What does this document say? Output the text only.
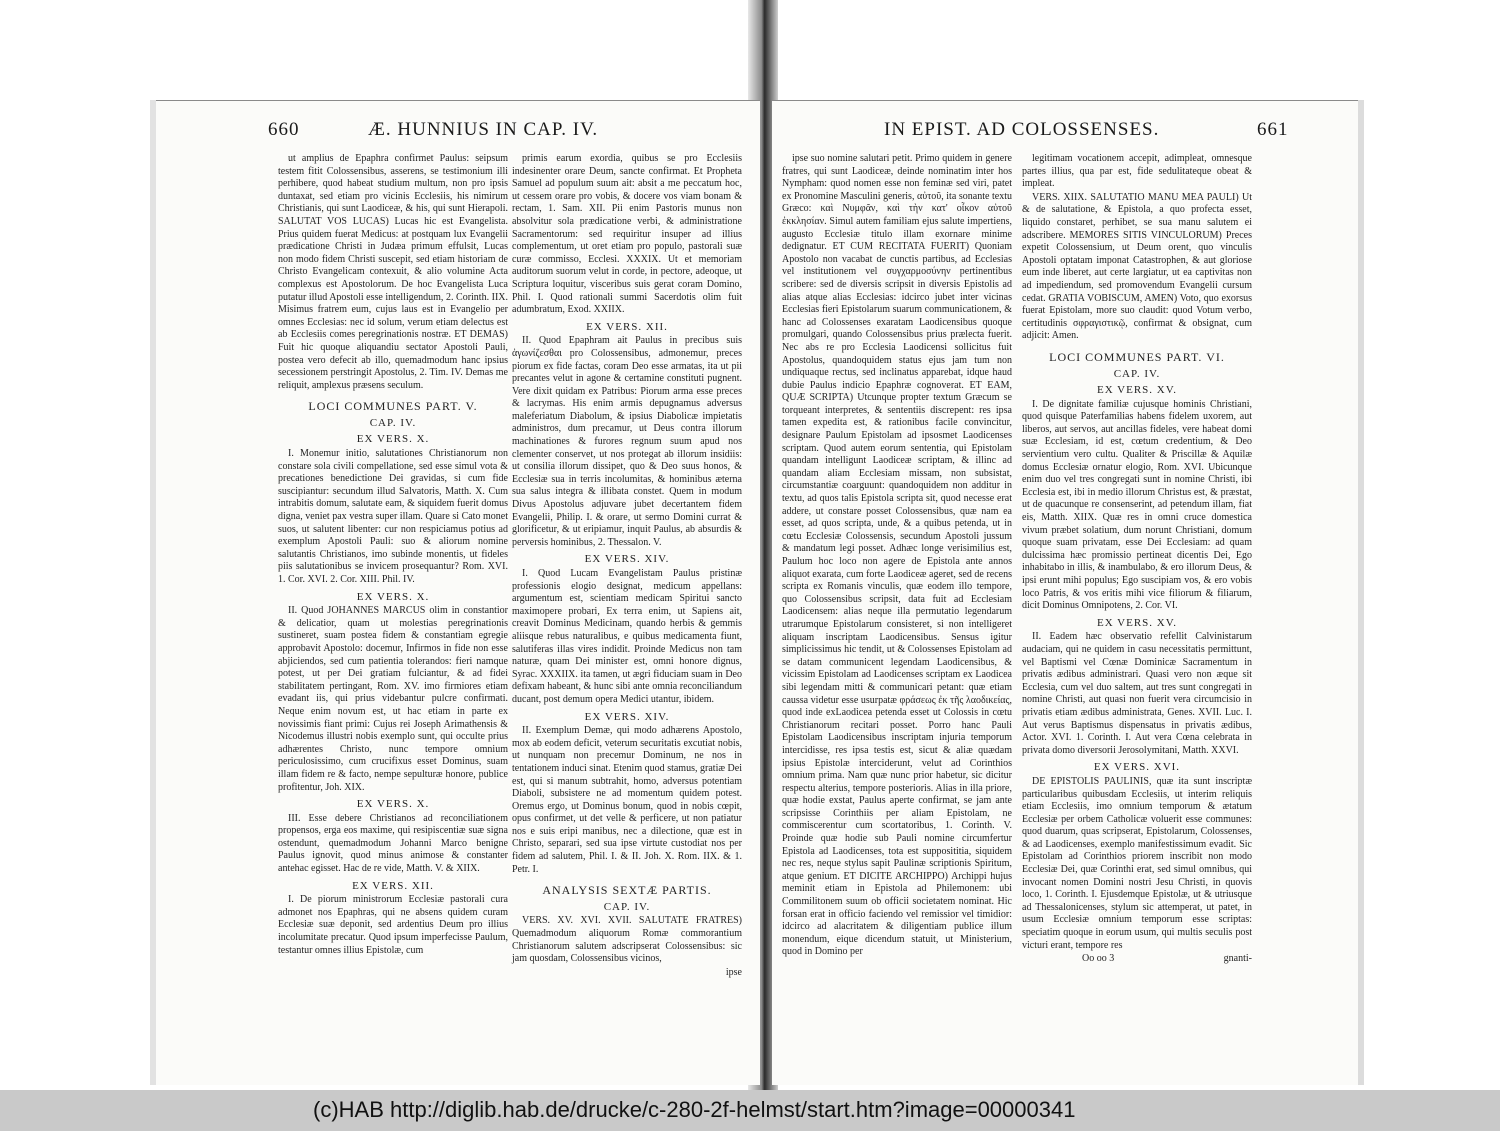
660	Æ. HUNNIUS IN CAP. IV.

ut amplius de Epaphra confirmet Paulus: seipsum testem fitit Colossensibus, asserens, se testimonium illi perhibere, quod habeat studium multum, non pro ipsis duntaxat, sed etiam pro vicinis Ecclesiis, his nimirum Christianis, qui sunt Laodiceæ, & his, qui sunt Hierapoli. SALUTAT VOS LUCAS) Lucas hic est Evangelista. Prius quidem fuerat Medicus: at postquam lux Evangelii prædicatione Christi in Judæa primum effulsit, Lucas non modo fidem Christi suscepit, sed etiam historiam de Christo Evangelicam contexuit, & alio volumine Acta complexus est Apostolorum. De hoc Evangelista Luca putatur illud Apostoli esse intelligendum, 2. Corinth. IIX. Misimus fratrem eum, cujus laus est in Evangelio per omnes Ecclesias: nec id solum, verum etiam delectus est ab Ecclesiis comes peregrinationis nostræ. ET DEMAS) Fuit hic quoque aliquandiu sectator Apostoli Pauli, postea vero defecit ab illo, quemadmodum hanc ipsius secessionem perstringit Apostolus, 2. Tim. IV. Demas me reliquit, amplexus præsens seculum.

LOCI COMMUNES PART. V.
CAP. IV.
EX VERS. X.

I. Monemur initio, salutationes Christianorum non constare sola civili compellatione, sed esse simul vota & precationes benedictione Dei gravidas, si cum fide suscipiantur: secundum illud Salvatoris, Matth. X. Cum intrabitis domum, salutate eam, & siquidem fuerit domus digna, veniet pax vestra super illam. Quare si Cato monet suos, ut salutent libenter: cur non respiciamus potius ad exemplum Apostoli Pauli: suo & aliorum nomine salutantis Christianos, imo subinde monentis, ut fideles piis salutationibus se invicem prosequantur? Rom. XVI. 1. Cor. XVI. 2. Cor. XIII. Phil. IV.

EX VERS. X.

II. Quod JOHANNES MARCUS olim in constantior & delicatior, quam ut molestias peregrinationis sustineret, suam postea fidem & constantiam egregie approbavit Apostolo: docemur, Infirmos in fide non esse abjiciendos, sed cum patientia tolerandos: fieri namque potest, ut per Dei gratiam fulciantur, & ad fidei stabilitatem pertingant, Rom. XV. imo firmiores etiam evadant iis, qui prius videbantur pulcre confirmati. Neque enim novum est, ut hac etiam in parte ex novissimis fiant primi: Cujus rei Joseph Arimathensis & Nicodemus illustri nobis exemplo sunt, qui occulte prius adhærentes Christo, nunc tempore omnium periculosissimo, cum crucifixus esset Dominus, suam illam fidem re & facto, nempe sepulturæ honore, publice profitentur, Joh. XIX.

EX VERS. X.

III. Esse debere Christianos ad reconciliationem propensos, erga eos maxime, qui resipiscentiæ suæ signa ostendunt, quemadmodum Johanni Marco benigne Paulus ignovit, quod minus animose & constanter antehac egisset. Hac de re vide, Matth. V. & XIIX.

EX VERS. XII.

I. De piorum ministrorum Ecclesiæ pastorali cura admonet nos Epaphras, qui ne absens quidem curam Ecclesiæ suæ deponit, sed ardentius Deum pro illius incolumitate precatur. Quod ipsum imperfecisse Paulum, testantur omnes illius Epistolæ, cum

primis earum exordia, quibus se pro Ecclesiis indesinenter orare Deum, sancte confirmat. Et Propheta Samuel ad populum suum ait: absit a me peccatum hoc, ut cessem orare pro vobis, & docere vos viam bonam & rectam, 1. Sam. XII. Pii enim Pastoris munus non absolvitur sola prædicatione verbi, & administratione Sacramentorum: sed requiritur insuper ad illius complementum, ut oret etiam pro populo, pastorali suæ curæ commisso, Ecclesi. XXXIX. Ut et memoriam auditorum suorum velut in corde, in pectore, adeoque, ut Scriptura loquitur, visceribus suis gerat coram Domino, Phil. I. Quod rationali summi Sacerdotis olim fuit adumbratum, Exod. XXIIX.

EX VERS. XII.

II. Quod Epaphram ait Paulus in precibus suis ἀγωνίζεσθαι pro Colossensibus, admonemur, preces piorum ex fide factas, coram Deo esse armatas, ita ut pii precantes velut in agone & certamine constituti pugnent. Vere dixit quidam ex Patribus: Piorum arma esse preces & lacrymas. His enim armis depugnamus adversus maleferiatum Diabolum, & ipsius Diabolicæ impietatis administros, dum precamur, ut Deus contra illorum machinationes & furores regnum suum apud nos clementer conservet, ut nos protegat ab illorum insidiis: ut consilia illorum dissipet, quo & Deo suus honos, & Ecclesiæ sua in terris incolumitas, & hominibus æterna sua salus integra & illibata constet. Quem in modum Divus Apostolus adjuvare jubet decertantem fidem Evangelii, Philip. I. & orare, ut sermo Domini currat & glorificetur, & ut eripiamur, inquit Paulus, ab absurdis & perversis hominibus, 2. Thessalon. V.

EX VERS. XIV.

I. Quod Lucam Evangelistam Paulus pristinæ professionis elogio designat, medicum appellans: argumentum est, scientiam medicam Spiritui sancto maximopere probari, Ex terra enim, ut Sapiens ait, creavit Dominus Medicinam, quando herbis & gemmis aliisque rebus naturalibus, e quibus medicamenta fiunt, salutiferas illas vires indidit. Proinde Medicus non tam naturæ, quam Dei minister est, omni honore dignus, Syrac. XXXIIX. ita tamen, ut ægri fiduciam suam in Deo defixam habeant, & hunc sibi ante omnia reconciliandum ducant, post demum opera Medici utantur, ibidem.

EX VERS. XIV.

II. Exemplum Demæ, qui modo adhærens Apostolo, mox ab eodem deficit, veterum securitatis excutiat nobis, ut nunquam non precemur Dominum, ne nos in tentationem induci sinat. Etenim quod stamus, gratiæ Dei est, qui si manum subtrahit, homo, adversus potentiam Diaboli, subsistere ne ad momentum quidem potest. Oremus ergo, ut Dominus bonum, quod in nobis cœpit, opus confirmet, ut det velle & perficere, ut non patiatur nos e suis eripi manibus, nec a dilectione, quæ est in Christo, separari, sed sua ipse virtute custodiat nos per fidem ad salutem, Phil. I. & II. Joh. X. Rom. IIX. & 1. Petr. I.

ANALYSIS SEXTÆ PARTIS.
CAP. IV.

VERS. XV. XVI. XVII. SALUTATE FRATRES) Quemadmodum aliquorum Romæ commorantium Christianorum salutem adscripserat Colossensibus: sic jam quosdam, Colossensibus vicinos,

ipse
IN EPIST. AD COLOSSENSES.	661

ipse suo nomine salutari petit. Primo quidem in genere fratres, qui sunt Laodiceæ, deinde nominatim inter hos Nympham: quod nomen esse non feminæ sed viri, patet ex Pronomine Masculini generis, αὐτοῦ, ita sonante textu Græco: καὶ Νυμφᾶν, καὶ τὴν κατ' οἶκον αὐτοῦ ἐκκλησίαν. Simul autem familiam ejus salute impertiens, augusto Ecclesiæ titulo illam exornare minime dedignatur. ET CUM RECITATA FUERIT) Quoniam Apostolo non vacabat de cunctis partibus, ad Ecclesias vel institutionem vel συγχαρμοσύνην pertinentibus scribere: sed de diversis scripsit in diversis Epistolis ad alias atque alias Ecclesias: idcirco jubet inter vicinas Ecclesias fieri Epistolarum suarum communicationem, & hanc ad Colossenses exaratam Laodicensibus quoque promulgari, quando Colossensibus prius prælecta fuerit. Nec abs re pro Ecclesia Laodicensi sollicitus fuit Apostolus, quandoquidem status ejus jam tum non undiquaque rectus, sed inclinatus apparebat, idque haud dubie Paulus indicio Epaphræ cognoverat. ET EAM, QUÆ SCRIPTA) Utcunque propter textum Græcum se torqueant interpretes, & sententiis discrepent: res ipsa tamen expedita est, & rationibus facile convincitur, designare Paulum Epistolam ad ipsosmet Laodicenses scriptam. Quod autem eorum sententia, qui Epistolam quandam intelligunt Laodiceæ scriptam, & illinc ad quandam aliam Ecclesiam missam, non subsistat, circumstantiæ coarguunt: quandoquidem non additur in textu, ad quos talis Epistola scripta sit, quod necesse erat addere, ut constare posset Colossensibus, quæ nam ea esset, ad quos scripta, unde, & a quibus petenda, ut in cœtu Ecclesiæ Colossensis, secundum Apostoli jussum & mandatum legi posset. Adhæc longe verisimilius est, Paulum hoc loco non agere de Epistola ante annos aliquot exarata, cum forte Laodiceæ ageret, sed de recens scripta ex Romanis vinculis, quæ eodem illo tempore, quo Colossensibus scripsit, data fuit ad Ecclesiam Laodicensem: alias neque illa permutatio legendarum utrarumque Epistolarum consisteret, si non intelligeret aliquam inscriptam Laodicensibus. Sensus igitur simplicissimus hic tendit, ut & Colossenses Epistolam ad se datam communicent legendam Laodicensibus, & vicissim Epistolam ad Laodicenses scriptam ex Laodicea sibi legendam mitti & communicari petant: quæ etiam caussa videtur esse usurpatæ φράσεως ἐκ τῆς λαοδικείας, quod inde exLaodicea petenda esset ut Colossis in cœtu Christianorum recitari posset. Porro hanc Pauli Epistolam Laodicensibus inscriptam injuria temporum intercidisse, res ipsa testis est, sicut & aliæ quædam ipsius Epistolæ interciderunt, velut ad Corinthios omnium prima. Nam quæ nunc prior habetur, sic dicitur respectu alterius, tempore posterioris. Alias in illa priore, quæ hodie exstat, Paulus aperte confirmat, se jam ante scripsisse Corinthiis per aliam Epistolam, ne commiscerentur cum scortatoribus, 1. Corinth. V. Proinde quæ hodie sub Pauli nomine circumfertur Epistola ad Laodicenses, tota est supposititia, siquidem nec res, neque stylus sapit Paulinæ scriptionis Spiritum, atque genium. ET DICITE ARCHIPPO) Archippi hujus meminit etiam in Epistola ad Philemonem: ubi Commilitonem suum ob officii societatem nominat. Hic forsan erat in officio faciendo vel remissior vel timidior: idcirco ad alacritatem & diligentiam publice illum monendum, eique dicendum statuit, ut Ministerium, quod in Domino per

legitimam vocationem accepit, adimpleat, omnesque partes illius, qua par est, fide sedulitateque obeat & impleat.

VERS. XIIX. SALUTATIO MANU MEA PAULI) Ut & de salutatione, & Epistola, a quo profecta esset, liquido constaret, perhibet, se sua manu salutem ei adscribere. MEMORES SITIS VINCULORUM) Preces expetit Colossensium, ut Deum orent, quo vinculis Apostoli optatam imponat Catastrophen, & aut gloriose eum inde liberet, aut certe largiatur, ut ea captivitas non ad impediendum, sed promovendum Evangelii cursum cedat. GRATIA VOBISCUM, AMEN) Voto, quo exorsus fuerat Epistolam, more suo claudit: quod Votum verbo, certitudinis σφραγιστικῷ, confirmat & obsignat, cum adjicit: Amen.

LOCI COMMUNES PART. VI.
CAP. IV.
EX VERS. XV.

I. De dignitate familiæ cujusque hominis Christiani, quod quisque Paterfamilias habens fidelem uxorem, aut liberos, aut servos, aut ancillas fideles, vere habeat domi suæ Ecclesiam, id est, cœtum credentium, & Deo servientium vero cultu. Qualiter & Priscillæ & Aquilæ domus Ecclesiæ ornatur elogio, Rom. XVI. Ubicunque enim duo vel tres congregati sunt in nomine Christi, ibi Ecclesia est, ibi in medio illorum Christus est, & præstat, ut de quacunque re consenserint, ad petendum illam, fiat eis, Matth. XIIX. Quæ res in omni cruce domestica vivum præbet solatium, dum norunt Christiani, domum quoque suam privatam, esse Dei Ecclesiam: ad quam dulcissima hæc promissio pertineat dicentis Dei, Ego inhabitabo in illis, & inambulabo, & ero illorum Deus, & ipsi erunt mihi populus; Ego suscipiam vos, & ero vobis loco Patris, & vos eritis mihi vice filiorum & filiarum, dicit Dominus Omnipotens, 2. Cor. VI.

EX VERS. XV.

II. Eadem hæc observatio refellit Calvinistarum audaciam, qui ne quidem in casu necessitatis permittunt, vel Baptismi vel Cœnæ Dominicæ Sacramentum in privatis ædibus administrari. Quasi vero non æque sit Ecclesia, cum vel duo saltem, aut tres sunt congregati in nomine Christi, aut quasi non fuerit vera circumcisio in privatis etiam ædibus administrata, Genes. XVII. Luc. I. Aut verus Baptismus dispensatus in privatis ædibus, Actor. XVI. 1. Corinth. I. Aut vera Cœna celebrata in privata domo diversorii Jerosolymitani, Matth. XXVI.

EX VERS. XVI.

DE EPISTOLIS PAULINIS, quæ ita sunt inscriptæ particularibus quibusdam Ecclesiis, ut interim reliquis etiam Ecclesiis, imo omnium temporum & ætatum Ecclesiæ per orbem Catholicæ voluerit esse communes: quod duarum, quas scripserat, Epistolarum, Colossenses, & ad Laodicenses, exemplo manifestissimum evadit. Sic Epistolam ad Corinthios priorem inscribit non modo Ecclesiæ Dei, quæ Corinthi erat, sed simul omnibus, qui invocant nomen Domini nostri Jesu Christi, in quovis loco, 1. Corinth. I. Ejusdemque Epistolæ, ut & utriusque ad Thessalonicenses, stylum sic attemperat, ut patet, in usum Ecclesiæ omnium temporum esse scriptas: speciatim quoque in eorum usum, qui multis seculis post victuri erant, tempore res

Oo oo 3	gnanti-
(c)HAB http://diglib.hab.de/drucke/c-280-2f-helmst/start.htm?image=00000341
